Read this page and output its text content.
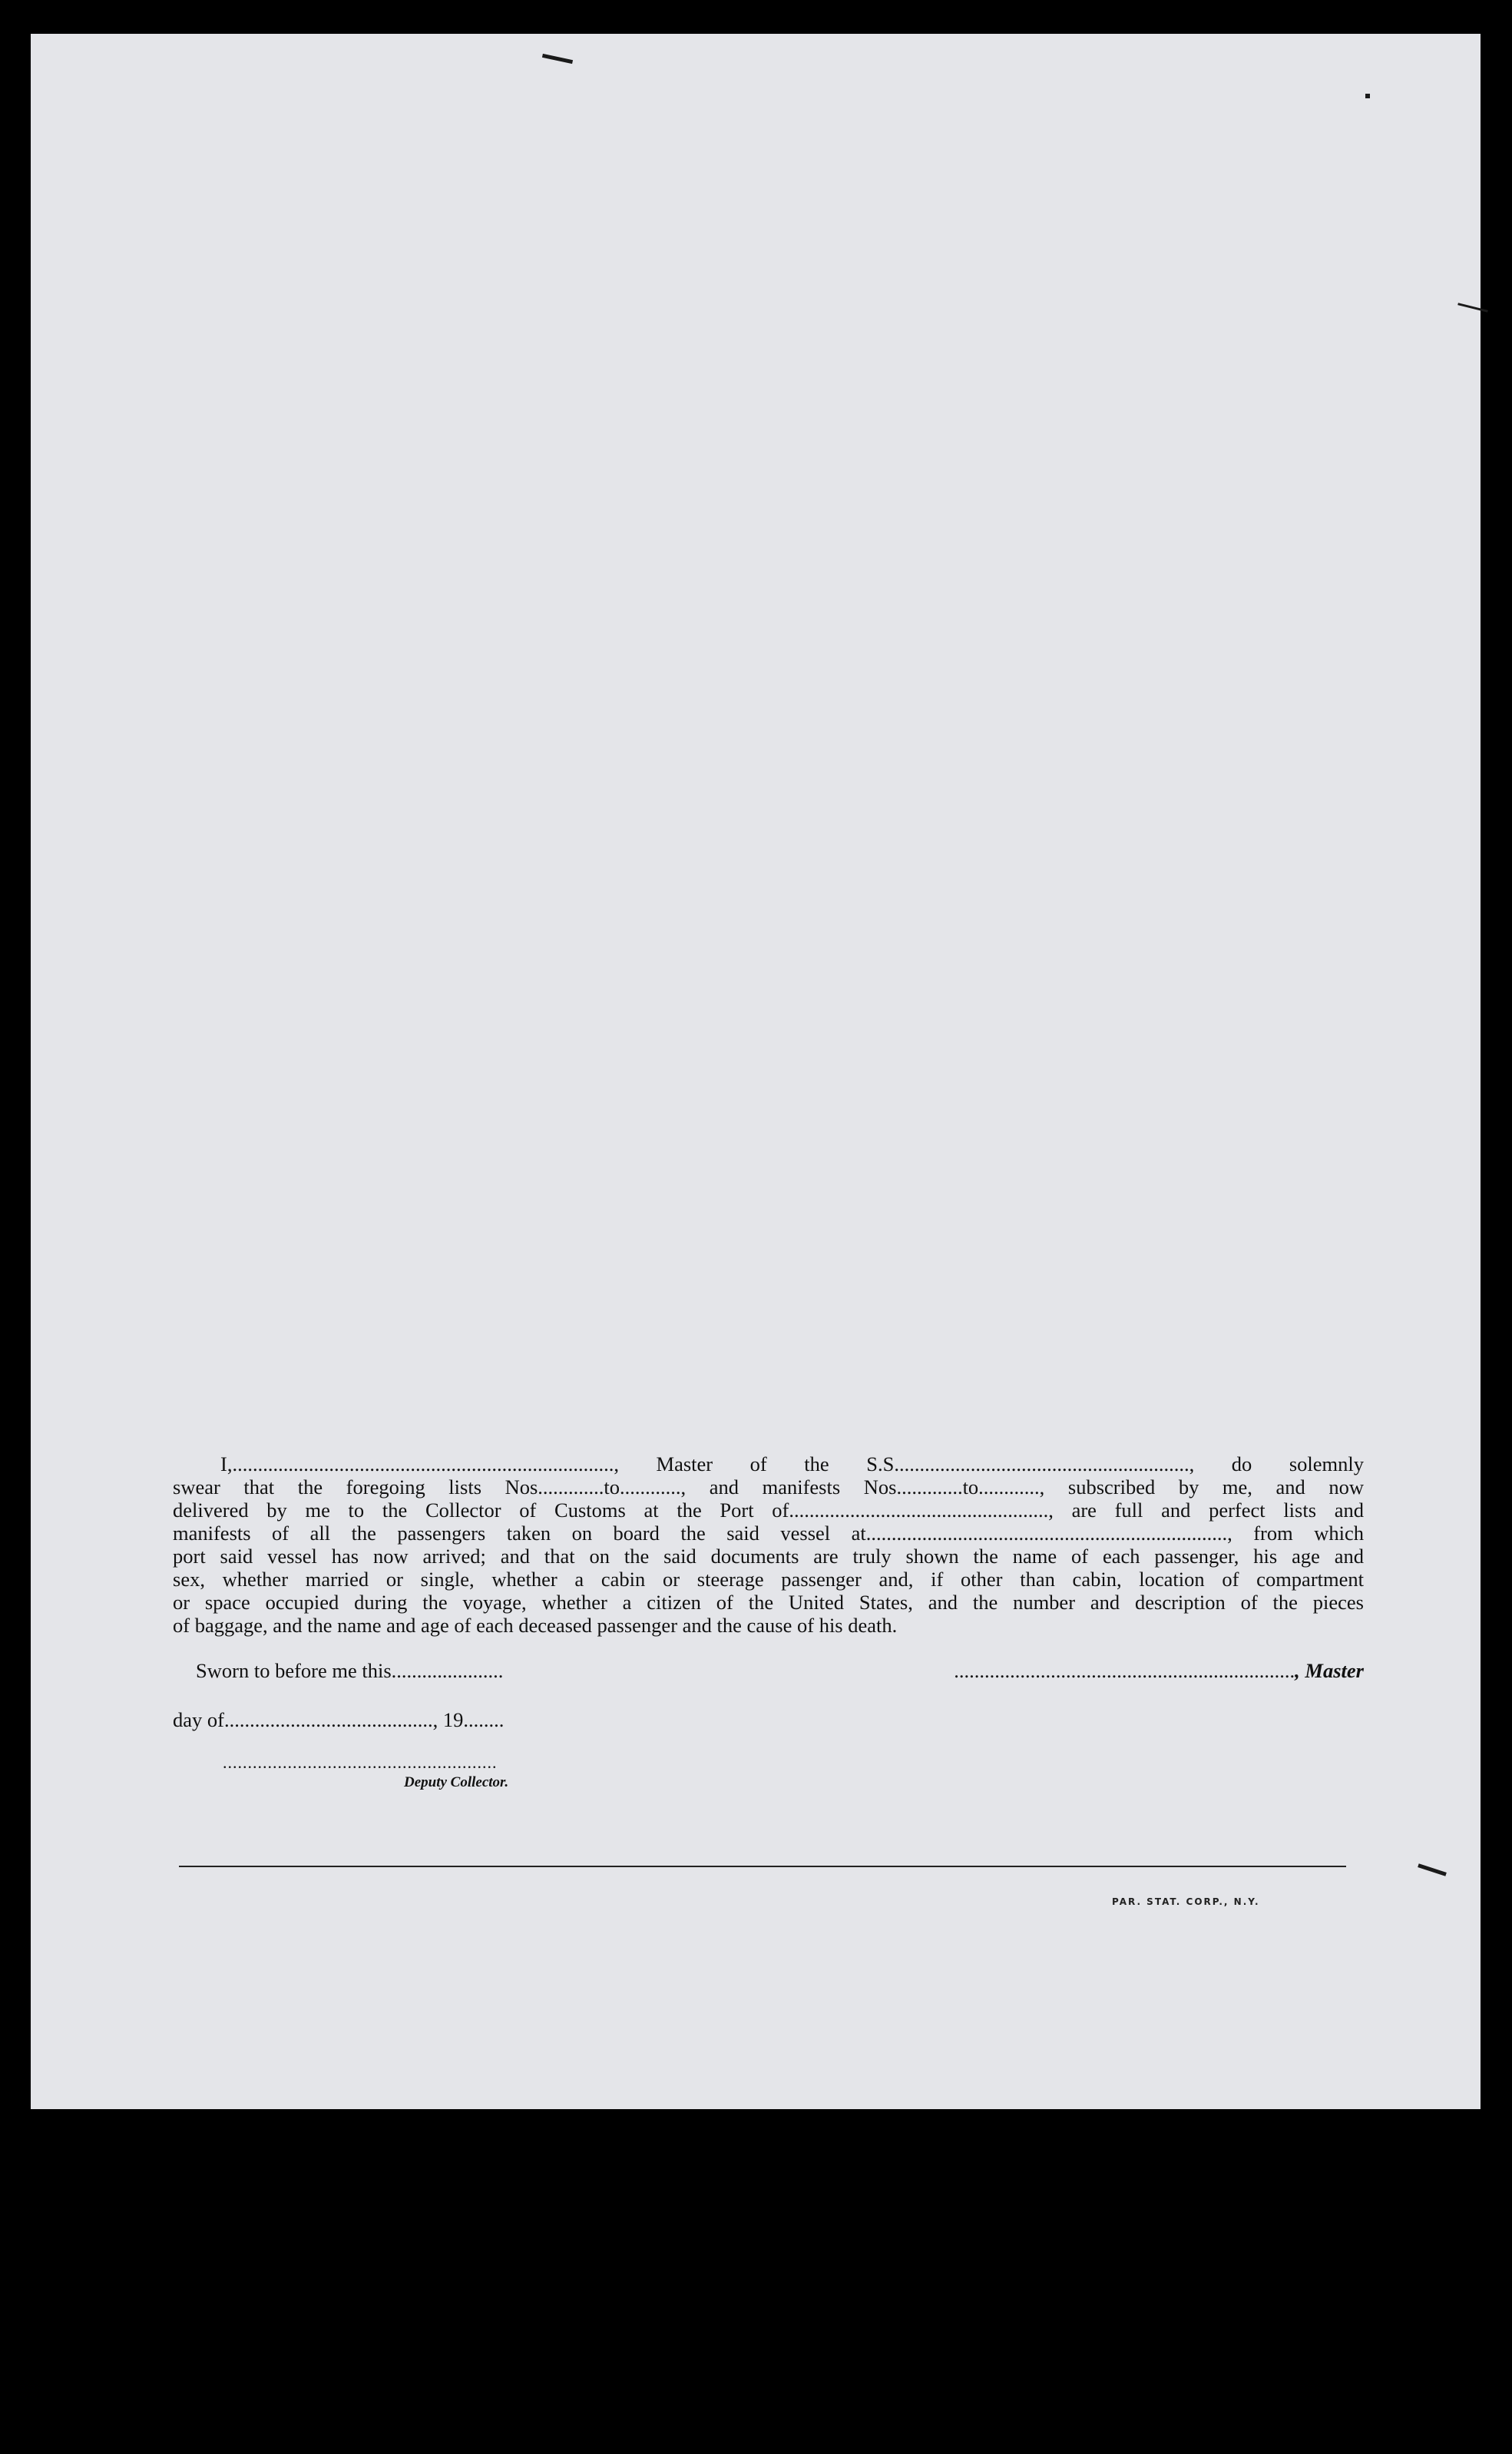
I,..........................................................................., Master of the S.S.........................................................., do solemnly
swear that the foregoing lists Nos.............to............, and manifests Nos.............to............, subscribed by me, and now
delivered by me to the Collector of Customs at the Port of..................................................., are full and perfect lists and
manifests of all the passengers taken on board the said vessel at......................................................................., from which
port said vessel has now arrived; and that on the said documents are truly shown the name of each passenger, his age and
sex, whether married or single, whether a cabin or steerage passenger and, if other than cabin, location of compartment
or space occupied during the voyage, whether a citizen of the United States, and the number and description of the pieces
of baggage, and the name and age of each deceased passenger and the cause of his death.

Sworn to before me this......................	..................................................................., Master
day of........................................., 19........
.......................................................
Deputy Collector.
PAR. STAT. CORP., N.Y.
